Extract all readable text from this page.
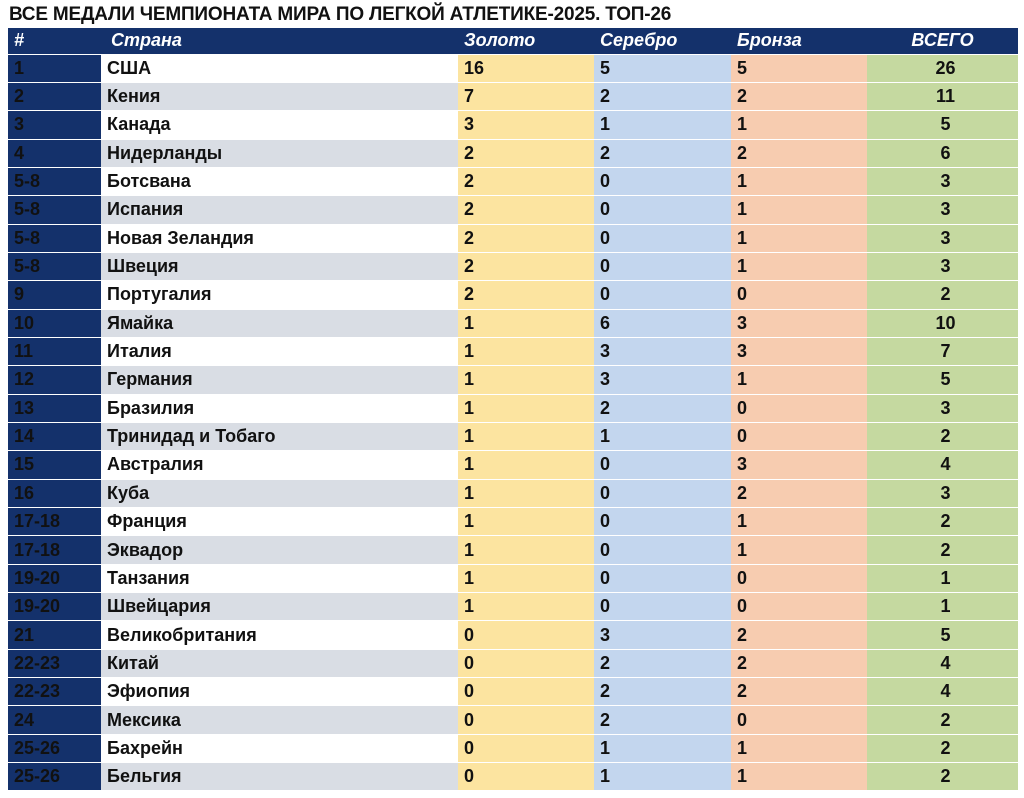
ВСЕ МЕДАЛИ ЧЕМПИОНАТА МИРА ПО ЛЕГКОЙ АТЛЕТИКЕ-2025. ТОП-26
#	Страна	Золото	Серебро	Бронза	ВСЕГО
1	США	16	5	5	26
2	Кения	7	2	2	11
3	Канада	3	1	1	5
4	Нидерланды	2	2	2	6
5-8	Ботсвана	2	0	1	3
5-8	Испания	2	0	1	3
5-8	Новая Зеландия	2	0	1	3
5-8	Швеция	2	0	1	3
9	Португалия	2	0	0	2
10	Ямайка	1	6	3	10
11	Италия	1	3	3	7
12	Германия	1	3	1	5
13	Бразилия	1	2	0	3
14	Тринидад и Тобаго	1	1	0	2
15	Австралия	1	0	3	4
16	Куба	1	0	2	3
17-18	Франция	1	0	1	2
17-18	Эквадор	1	0	1	2
19-20	Танзания	1	0	0	1
19-20	Швейцария	1	0	0	1
21	Великобритания	0	3	2	5
22-23	Китай	0	2	2	4
22-23	Эфиопия	0	2	2	4
24	Мексика	0	2	0	2
25-26	Бахрейн	0	1	1	2
25-26	Бельгия	0	1	1	2
